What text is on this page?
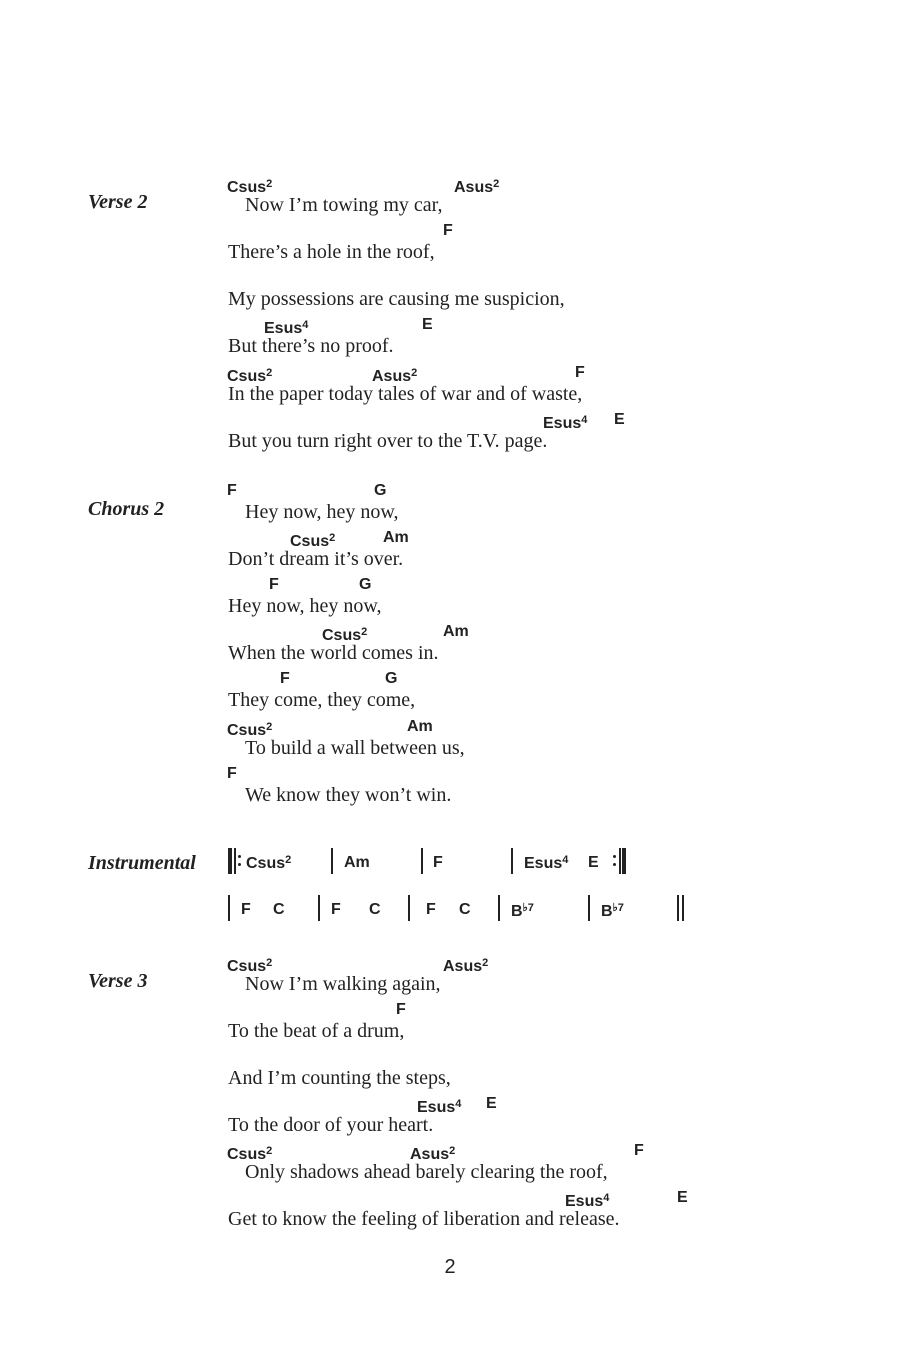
Verse 2
Csus$^2$	Asus$^2$
Now I’m towing my car,
F
There’s a hole in the roof,
My possessions are causing me suspicion,
Esus$^4$	E
But there’s no proof.
Csus$^2$	Asus$^2$	F
In the paper today tales of war and of waste,
Esus$^4$ E
But you turn right over to the T.V. page.
Chorus 2
F	G
Hey now, hey now,
Csus$^2$	Am
Don’t dream it’s over.
F	G
Hey now, hey now,
Csus$^2$	Am
When the world comes in.
F	G
They come, they come,
Csus$^2$	Am
To build a wall between us,
F
We know they won’t win.
Instrumental	Csus$^2$	Am	F	Esus$^4$ E
F C	F C	F C	$B^{♭7}$	$B^{♭7}$
Verse 3
Csus$^2$	Asus$^2$
Now I’m walking again,
F
To the beat of a drum,
And I’m counting the steps,
Esus$^4$ E
To the door of your heart.
Csus$^2$	Asus$^2$	F
Only shadows ahead barely clearing the roof,
Esus$^4$	E
Get to know the feeling of liberation and release.
2
